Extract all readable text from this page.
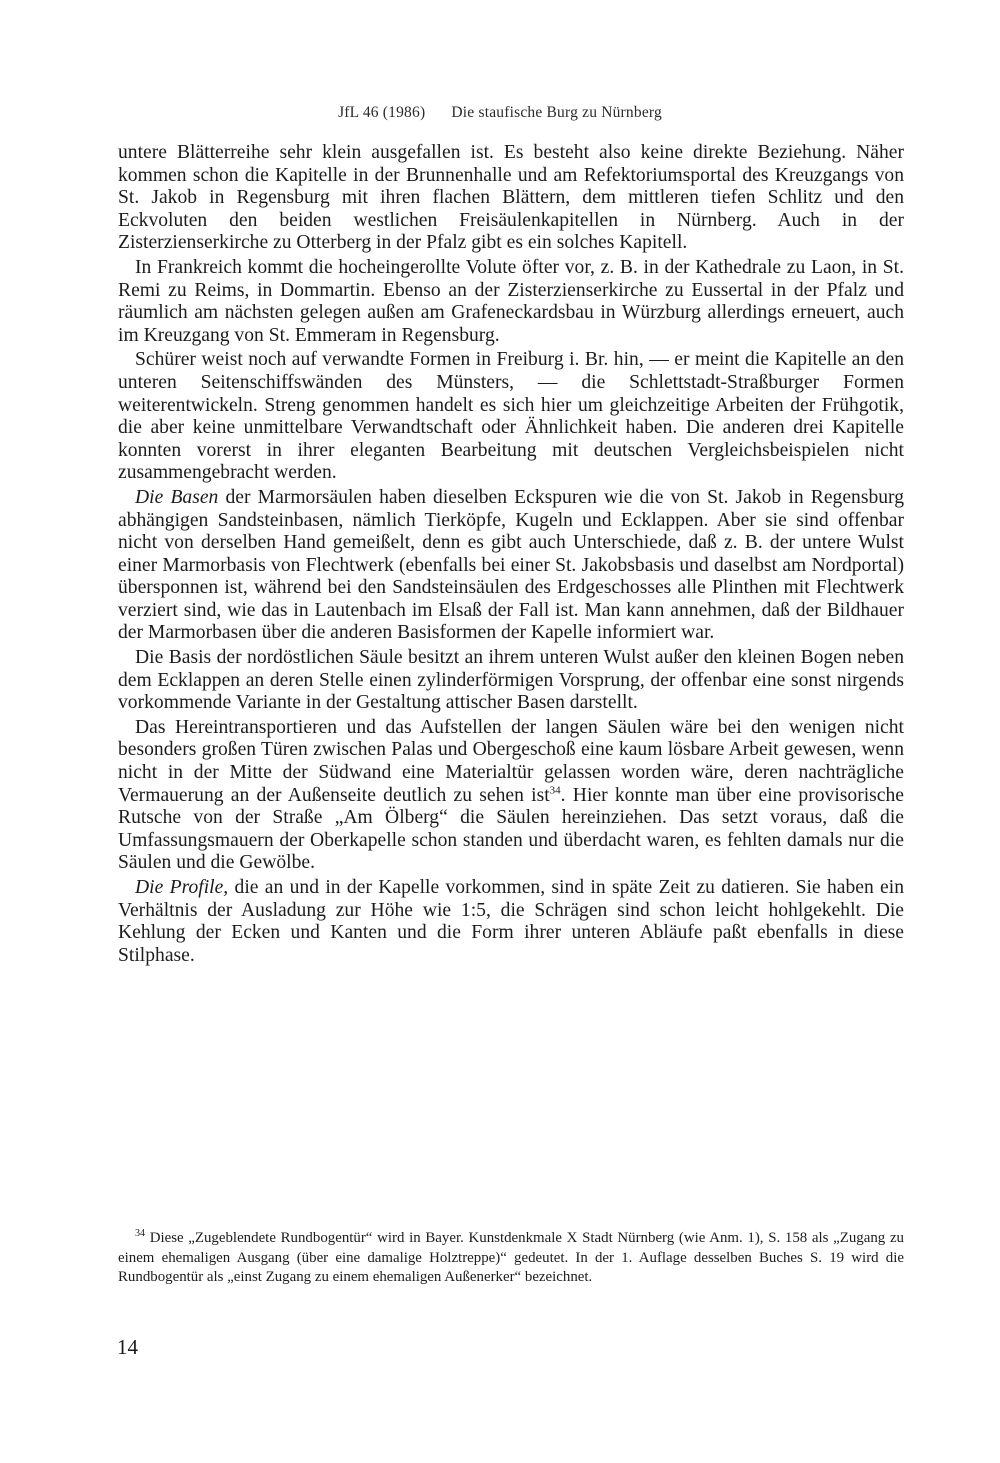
JfL 46 (1986) Die staufische Burg zu Nürnberg

untere Blätterreihe sehr klein ausgefallen ist. Es besteht also keine direkte Beziehung. Näher kommen schon die Kapitelle in der Brunnenhalle und am Refektoriumsportal des Kreuzgangs von St. Jakob in Regensburg mit ihren flachen Blättern, dem mittleren tiefen Schlitz und den Eckvoluten den beiden westlichen Freisäulenkapitellen in Nürnberg. Auch in der Zisterzienserkirche zu Otterberg in der Pfalz gibt es ein solches Kapitell.

In Frankreich kommt die hocheingerollte Volute öfter vor, z. B. in der Kathedrale zu Laon, in St. Remi zu Reims, in Dommartin. Ebenso an der Zisterzienserkirche zu Eussertal in der Pfalz und räumlich am nächsten gelegen außen am Grafeneckardsbau in Würzburg allerdings erneuert, auch im Kreuzgang von St. Emmeram in Regensburg.

Schürer weist noch auf verwandte Formen in Freiburg i. Br. hin, — er meint die Kapitelle an den unteren Seitenschiffswänden des Münsters, — die Schlettstadt-Straßburger Formen weiterentwickeln. Streng genommen handelt es sich hier um gleichzeitige Arbeiten der Frühgotik, die aber keine unmittelbare Verwandtschaft oder Ähnlichkeit haben. Die anderen drei Kapitelle konnten vorerst in ihrer eleganten Bearbeitung mit deutschen Vergleichsbeispielen nicht zusammengebracht werden.

Die Basen der Marmorsäulen haben dieselben Eckspuren wie die von St. Jakob in Regensburg abhängigen Sandsteinbasen, nämlich Tierköpfe, Kugeln und Ecklappen. Aber sie sind offenbar nicht von derselben Hand gemeißelt, denn es gibt auch Unterschiede, daß z. B. der untere Wulst einer Marmorbasis von Flechtwerk (ebenfalls bei einer St. Jakobsbasis und daselbst am Nordportal) übersponnen ist, während bei den Sandsteinsäulen des Erdgeschosses alle Plinthen mit Flechtwerk verziert sind, wie das in Lautenbach im Elsaß der Fall ist. Man kann annehmen, daß der Bildhauer der Marmorbasen über die anderen Basisformen der Kapelle informiert war.

Die Basis der nordöstlichen Säule besitzt an ihrem unteren Wulst außer den kleinen Bogen neben dem Ecklappen an deren Stelle einen zylinderförmigen Vorsprung, der offenbar eine sonst nirgends vorkommende Variante in der Gestaltung attischer Basen darstellt.

Das Hereintransportieren und das Aufstellen der langen Säulen wäre bei den wenigen nicht besonders großen Türen zwischen Palas und Obergeschoß eine kaum lösbare Arbeit gewesen, wenn nicht in der Mitte der Südwand eine Materialtür gelassen worden wäre, deren nachträgliche Vermauerung an der Außenseite deutlich zu sehen ist$^{34}$. Hier konnte man über eine provisorische Rutsche von der Straße „Am Ölberg“ die Säulen hereinziehen. Das setzt voraus, daß die Umfassungsmauern der Oberkapelle schon standen und überdacht waren, es fehlten damals nur die Säulen und die Gewölbe.

Die Profile, die an und in der Kapelle vorkommen, sind in späte Zeit zu datieren. Sie haben ein Verhältnis der Ausladung zur Höhe wie 1:5, die Schrägen sind schon leicht hohlgekehlt. Die Kehlung der Ecken und Kanten und die Form ihrer unteren Abläufe paßt ebenfalls in diese Stilphase.

$^{34}$ Diese „Zugeblendete Rundbogentür“ wird in Bayer. Kunstdenkmale X Stadt Nürnberg (wie Anm. 1), S. 158 als „Zugang zu einem ehemaligen Ausgang (über eine damalige Holztreppe)“ gedeutet. In der 1. Auflage desselben Buches S. 19 wird die Rundbogentür als „einst Zugang zu einem ehemaligen Außenerker“ bezeichnet.
14
